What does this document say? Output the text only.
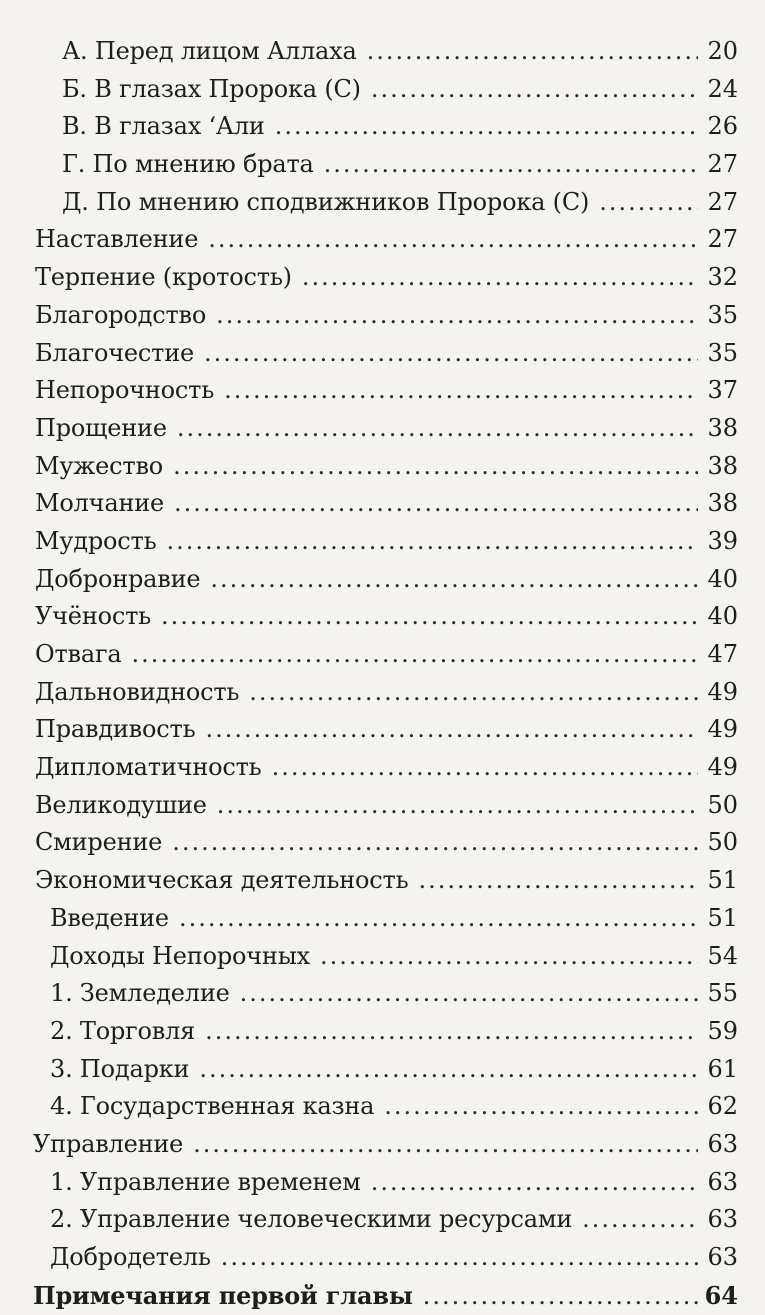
А. Перед лицом Аллаха .....	20
Б. В глазах Пророка (С) .....	24
В. В глазах ‘Али .....	26
Г. По мнению брата .....	27
Д. По мнению сподвижников Пророка (С) .....	27
Наставление .....	27
Терпение (кротость) .....	32
Благородство .....	35
Благочестие .....	35
Непорочность .....	37
Прощение .....	38
Мужество .....	38
Молчание .....	38
Мудрость .....	39
Добронравие .....	40
Учёность .....	40
Отвага .....	47
Дальновидность .....	49
Правдивость .....	49
Дипломатичность .....	49
Великодушие .....	50
Смирение .....	50
Экономическая деятельность .....	51
Введение .....	51
Доходы Непорочных .....	54
1. Земледелие .....	55
2. Торговля .....	59
3. Подарки .....	61
4. Государственная казна .....	62
Управление .....	63
1. Управление временем .....	63
2. Управление человеческими ресурсами .....	63
Добродетель .....	63
Примечания первой главы .....	64
